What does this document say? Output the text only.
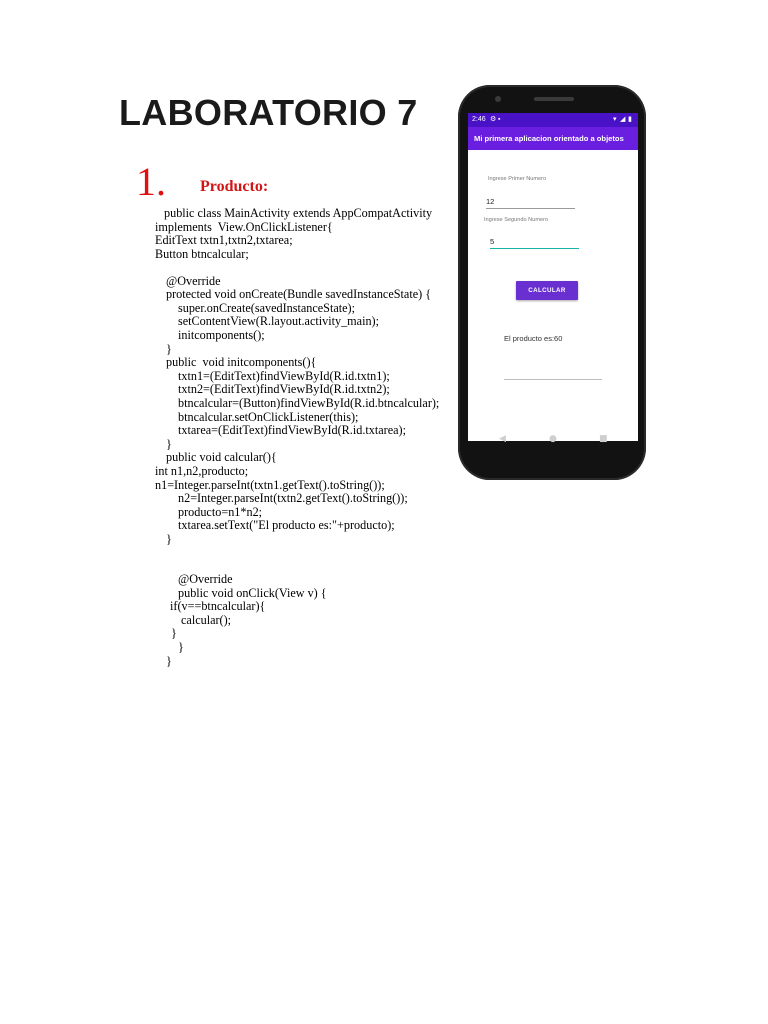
LABORATORIO 7
1. Producto:
public class MainActivity extends AppCompatActivity
implements  View.OnClickListener{
EditText txtn1,txtn2,txtarea;
Button btncalcular;
@Override
protected void onCreate(Bundle savedInstanceState) {
super.onCreate(savedInstanceState);
setContentView(R.layout.activity_main);
initcomponents();
}
public  void initcomponents(){
txtn1=(EditText)findViewById(R.id.txtn1);
txtn2=(EditText)findViewById(R.id.txtn2);
btncalcular=(Button)findViewById(R.id.btncalcular);
btncalcular.setOnClickListener(this);
txtarea=(EditText)findViewById(R.id.txtarea);
}
public void calcular(){
int n1,n2,producto;
n1=Integer.parseInt(txtn1.getText().toString());
n2=Integer.parseInt(txtn2.getText().toString());
producto=n1*n2;
txtarea.setText("El producto es:"+producto);
}
@Override
public void onClick(View v) {
if(v==btncalcular){
calcular();
}
}
}
2:46 ⚙ ▪	▾ ◢ ▮
Mi primera aplicacion orientado a objetos
Ingrese Primer Numero
12
Ingrese Segundo Numero
5
CALCULAR
El producto es:60
◀	●	■
